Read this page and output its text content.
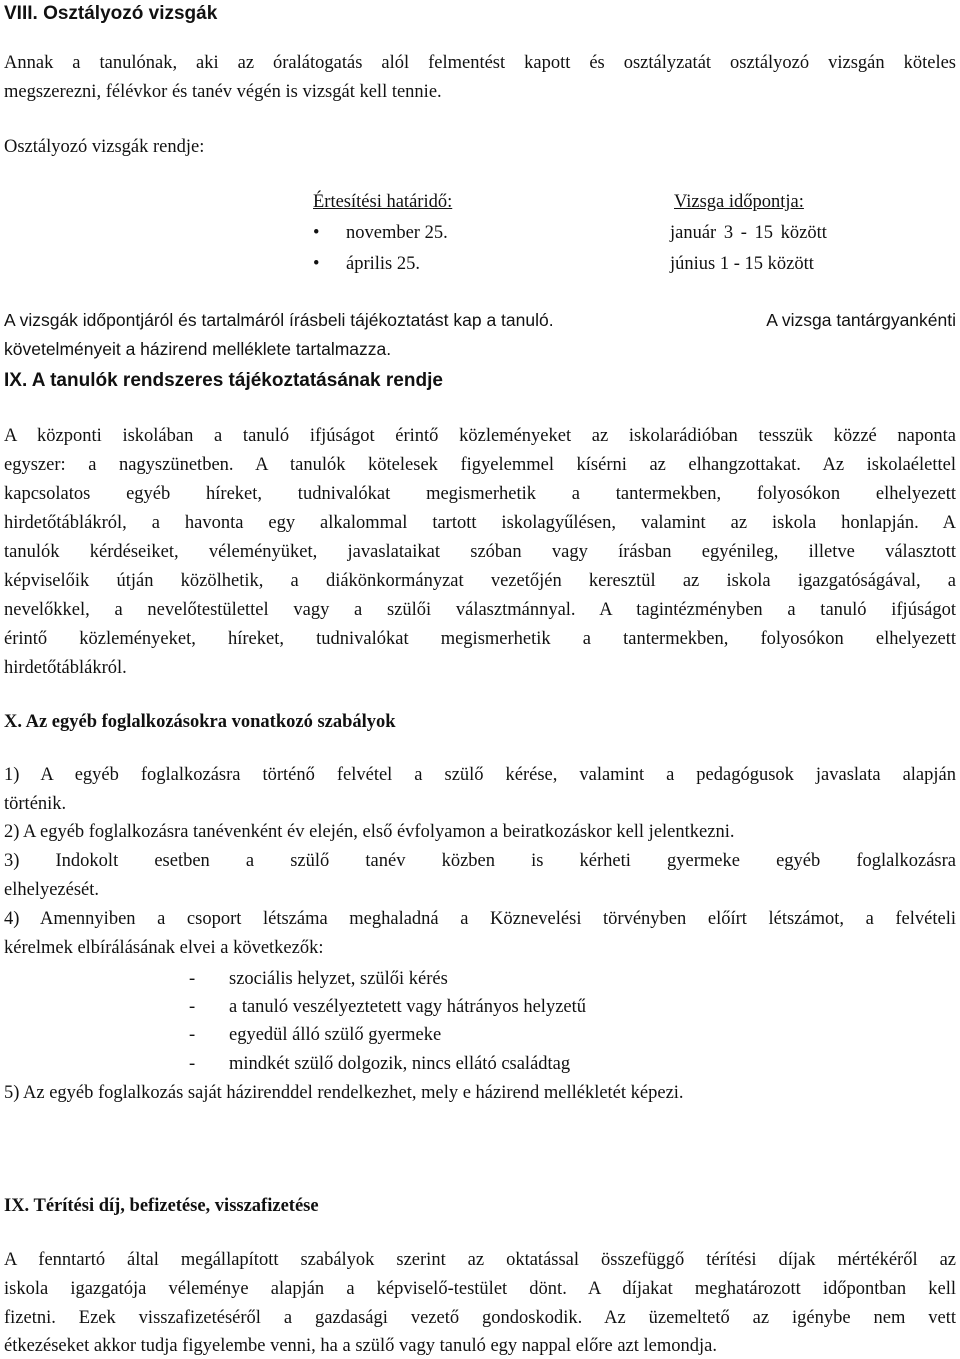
VIII. Osztályozó vizsgák
Annak a tanulónak, aki az óralátogatás alól felmentést kapott és osztályzatát osztályozó vizsgán köteles
megszerezni, félévkor és tanév végén is vizsgát kell tennie.
Osztályozó vizsgák rendje:
Értesítési határidő:	Vizsga időpontja:
• november 25.
• április 25.
január 3 - 15 között
június 1 - 15 között
A vizsgák időpontjáról és tartalmáról írásbeli tájékoztatást kap a tanuló.	A vizsga tantárgyankénti
követelményeit a házirend melléklete tartalmazza.
IX. A tanulók rendszeres tájékoztatásának rendje
A központi iskolában a tanuló ifjúságot érintő közleményeket az iskolarádióban tesszük közzé naponta
egyszer: a nagyszünetben. A tanulók kötelesek figyelemmel kísérni az elhangzottakat. Az iskolaélettel
kapcsolatos egyéb híreket, tudnivalókat megismerhetik a tantermekben, folyosókon elhelyezett
hirdetőtáblákról, a havonta egy alkalommal tartott iskolagyűlésen, valamint az iskola honlapján. A
tanulók kérdéseiket, véleményüket, javaslataikat szóban vagy írásban egyénileg, illetve választott
képviselőik útján közölhetik, a diákönkormányzat vezetőjén keresztül az iskola igazgatóságával, a
nevelőkkel, a nevelőtestülettel vagy a szülői választmánnyal. A tagintézményben a tanuló ifjúságot
érintő közleményeket, híreket, tudnivalókat megismerhetik a tantermekben, folyosókon elhelyezett
hirdetőtáblákról.
X. Az egyéb foglalkozásokra vonatkozó szabályok
1) A egyéb foglalkozásra történő felvétel a szülő kérése, valamint a pedagógusok javaslata alapján
történik.
2) A egyéb foglalkozásra tanévenként év elején, első évfolyamon a beiratkozáskor kell jelentkezni.
3) Indokolt esetben a szülő tanév közben is kérheti gyermeke egyéb foglalkozásra
elhelyezését.
4) Amennyiben a csoport létszáma meghaladná a Köznevelési törvényben előírt létszámot, a felvételi
kérelmek elbírálásának elvei a következők:
- szociális helyzet, szülői kérés
- a tanuló veszélyeztetett vagy hátrányos helyzetű
- egyedül álló szülő gyermeke
- mindkét szülő dolgozik, nincs ellátó családtag
5) Az egyéb foglalkozás saját házirenddel rendelkezhet, mely e házirend mellékletét képezi.
IX. Térítési díj, befizetése, visszafizetése
A fenntartó által megállapított szabályok szerint az oktatással összefüggő térítési díjak mértékéről az
iskola igazgatója véleménye alapján a képviselő-testület dönt. A díjakat meghatározott időpontban kell
fizetni. Ezek visszafizetéséről a gazdasági vezető gondoskodik. Az üzemeltető az igénybe nem vett
étkezéseket akkor tudja figyelembe venni, ha a szülő vagy tanuló egy nappal előre azt lemondja.
